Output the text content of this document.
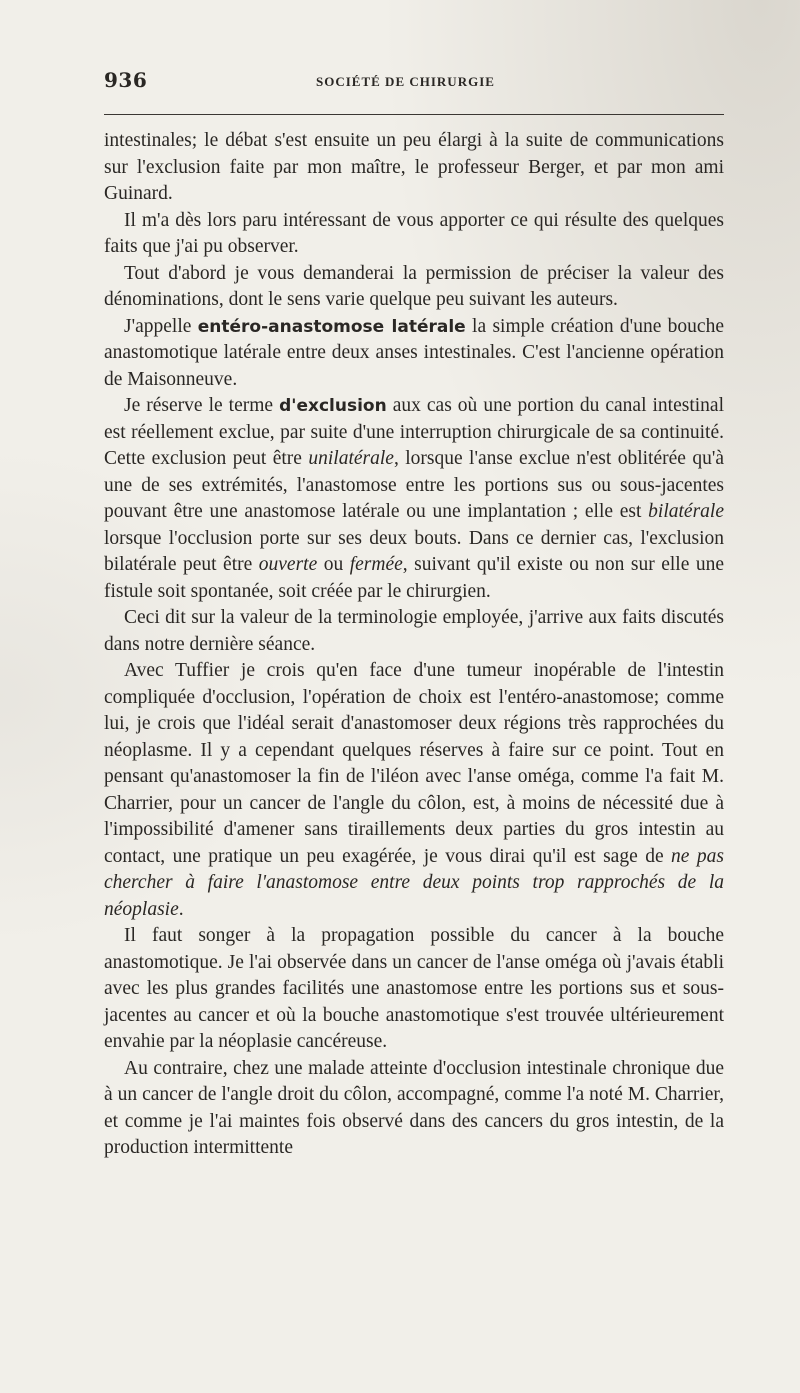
936	SOCIÉTÉ DE CHIRURGIE

intestinales; le débat s'est ensuite un peu élargi à la suite de communications sur l'exclusion faite par mon maître, le professeur Berger, et par mon ami Guinard.

Il m'a dès lors paru intéressant de vous apporter ce qui résulte des quelques faits que j'ai pu observer.

Tout d'abord je vous demanderai la permission de préciser la valeur des dénominations, dont le sens varie quelque peu suivant les auteurs.

J'appelle entéro-anastomose latérale la simple création d'une bouche anastomotique latérale entre deux anses intestinales. C'est l'ancienne opération de Maisonneuve.

Je réserve le terme d'exclusion aux cas où une portion du canal intestinal est réellement exclue, par suite d'une interruption chirurgicale de sa continuité. Cette exclusion peut être unilatérale, lorsque l'anse exclue n'est oblitérée qu'à une de ses extrémités, l'anastomose entre les portions sus ou sous-jacentes pouvant être une anastomose latérale ou une implantation ; elle est bilatérale lorsque l'occlusion porte sur ses deux bouts. Dans ce dernier cas, l'exclusion bilatérale peut être ouverte ou fermée, suivant qu'il existe ou non sur elle une fistule soit spontanée, soit créée par le chirurgien.

Ceci dit sur la valeur de la terminologie employée, j'arrive aux faits discutés dans notre dernière séance.

Avec Tuffier je crois qu'en face d'une tumeur inopérable de l'intestin compliquée d'occlusion, l'opération de choix est l'entéro-anastomose; comme lui, je crois que l'idéal serait d'anastomoser deux régions très rapprochées du néoplasme. Il y a cependant quelques réserves à faire sur ce point. Tout en pensant qu'anastomoser la fin de l'iléon avec l'anse oméga, comme l'a fait M. Charrier, pour un cancer de l'angle du côlon, est, à moins de nécessité due à l'impossibilité d'amener sans tiraillements deux parties du gros intestin au contact, une pratique un peu exagérée, je vous dirai qu'il est sage de ne pas chercher à faire l'anastomose entre deux points trop rapprochés de la néoplasie.

Il faut songer à la propagation possible du cancer à la bouche anastomotique. Je l'ai observée dans un cancer de l'anse oméga où j'avais établi avec les plus grandes facilités une anastomose entre les portions sus et sous-jacentes au cancer et où la bouche anastomotique s'est trouvée ultérieurement envahie par la néoplasie cancéreuse.

Au contraire, chez une malade atteinte d'occlusion intestinale chronique due à un cancer de l'angle droit du côlon, accompagné, comme l'a noté M. Charrier, et comme je l'ai maintes fois observé dans des cancers du gros intestin, de la production intermittente
